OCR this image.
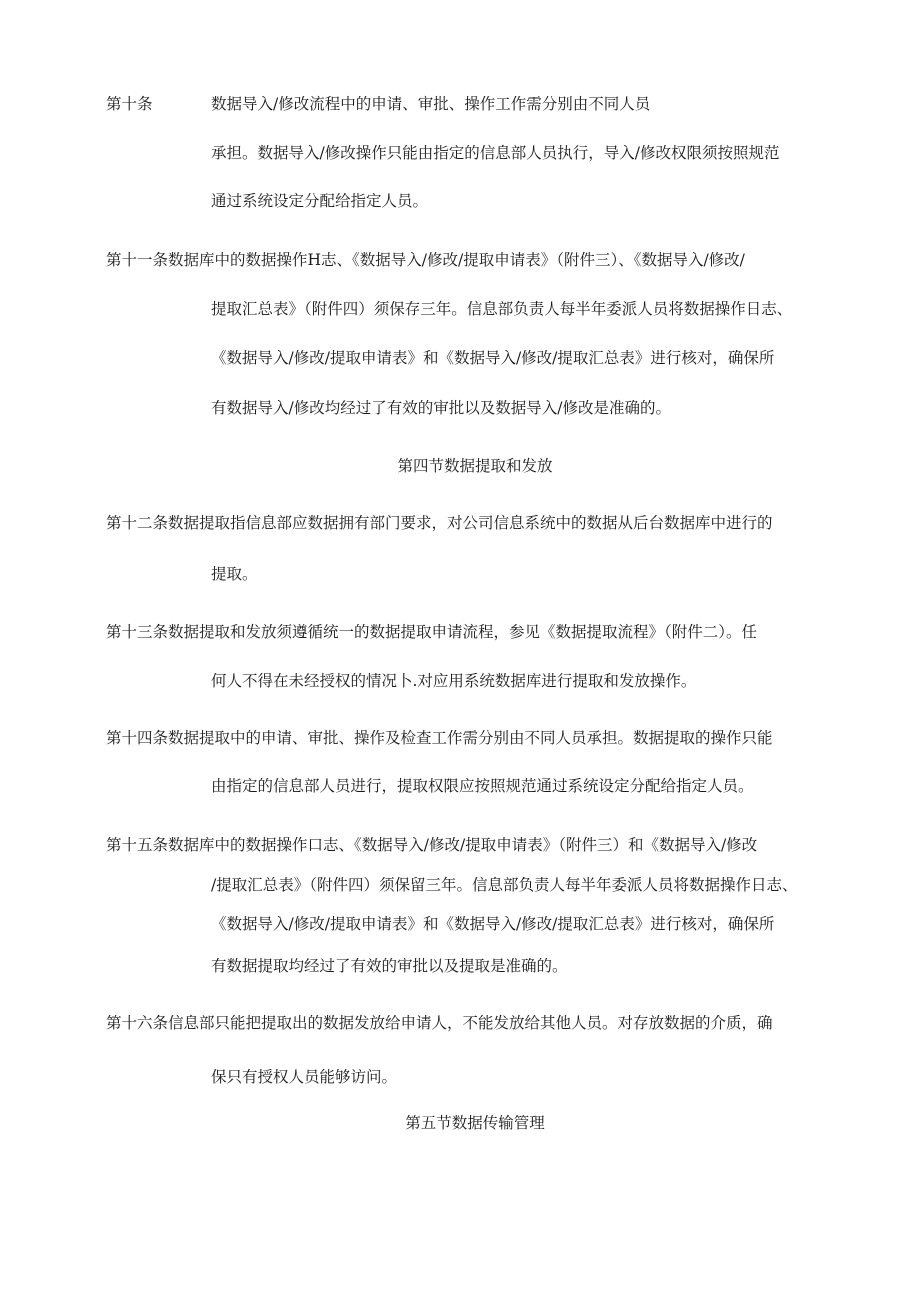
第十条	数据导入/修改流程中的申请、审批、操作工作需分别由不同人员
承担。数据导入/修改操作只能由指定的信息部人员执行，导入/修改权限须按照规范
通过系统设定分配给指定人员。
第十一条数据库中的数据操作H志、《数据导入/修改/提取申请表》（附件三）、《数据导入/修改/
提取汇总表》（附件四）须保存三年。信息部负责人每半年委派人员将数据操作日志、
《数据导入/修改/提取申请表》和《数据导入/修改/提取汇总表》进行核对，确保所
有数据导入/修改均经过了有效的审批以及数据导入/修改是准确的。
第四节数据提取和发放
第十二条数据提取指信息部应数据拥有部门要求，对公司信息系统中的数据从后台数据库中进行的
提取。
第十三条数据提取和发放须遵循统一的数据提取申请流程，参见《数据提取流程》（附件二）。任
何人不得在未经授权的情况卜.对应用系统数据库进行提取和发放操作。
第十四条数据提取中的申请、审批、操作及检查工作需分别由不同人员承担。数据提取的操作只能
由指定的信息部人员进行，提取权限应按照规范通过系统设定分配给指定人员。
第十五条数据库中的数据操作口志、《数据导入/修改/提取申请表》（附件三）和《数据导入/修改
/提取汇总表》（附件四）须保留三年。信息部负责人每半年委派人员将数据操作日志、
《数据导入/修改/提取申请表》和《数据导入/修改/提取汇总表》进行核对，确保所
有数据提取均经过了有效的审批以及提取是准确的。
第十六条信息部只能把提取出的数据发放给申请人，不能发放给其他人员。对存放数据的介质，确
保只有授权人员能够访问。
第五节数据传输管理
